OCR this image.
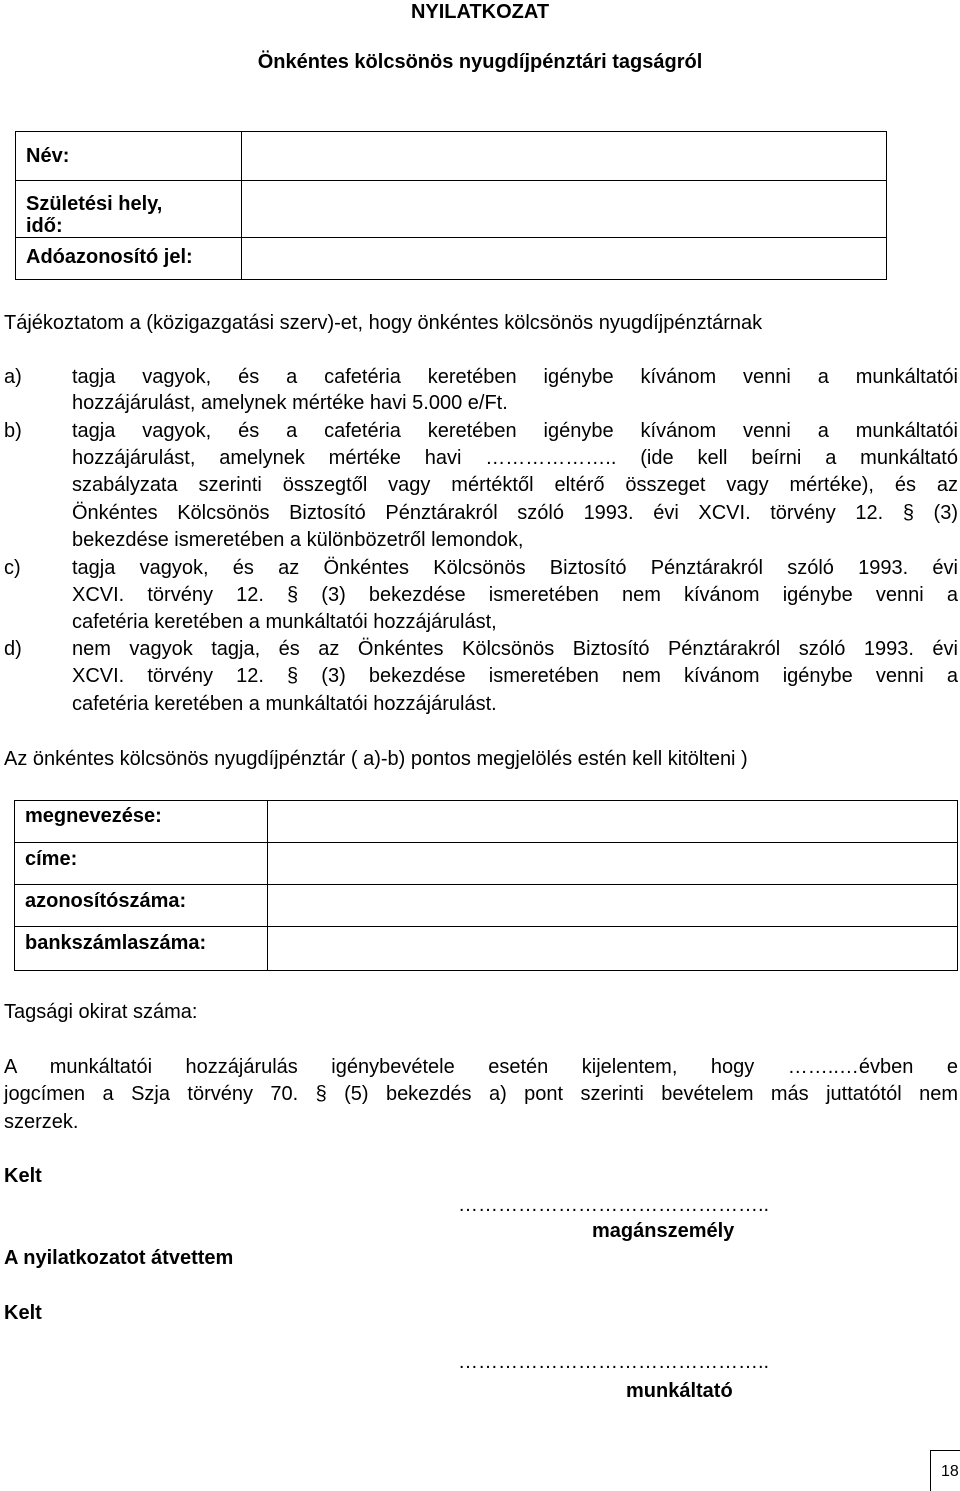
NYILATKOZAT
Önkéntes kölcsönös nyugdíjpénztári tagságról
Név:	

Születési hely,
idő:	

Adóazonosító jel:	

Tájékoztatom a (közigazgatási szerv)-et, hogy önkéntes kölcsönös nyugdíjpénztárnak
a)	tagja vagyok, és a cafetéria keretében igénybe kívánom venni a munkáltatói
hozzájárulást, amelynek mértéke havi 5.000 e/Ft.
b)	tagja vagyok, és a cafetéria keretében igénybe kívánom venni a munkáltatói
hozzájárulást, amelynek mértéke havi ……………….. (ide kell beírni a munkáltató
szabályzata szerinti összegtől vagy mértéktől eltérő összeget vagy mértéke), és az
Önkéntes Kölcsönös Biztosító Pénztárakról szóló 1993. évi XCVI. törvény 12. § (3)
bekezdése ismeretében a különbözetről lemondok,
c)	tagja vagyok, és az Önkéntes Kölcsönös Biztosító Pénztárakról szóló 1993. évi
XCVI. törvény 12. § (3) bekezdése ismeretében nem kívánom igénybe venni a
cafetéria keretében a munkáltatói hozzájárulást,
d)	nem vagyok tagja, és az Önkéntes Kölcsönös Biztosító Pénztárakról szóló 1993. évi
XCVI. törvény 12. § (3) bekezdése ismeretében nem kívánom igénybe venni a
cafetéria keretében a munkáltatói hozzájárulást.
Az önkéntes kölcsönös nyugdíjpénztár ( a)-b) pontos megjelölés estén kell kitölteni )
megnevezése:	

címe:	

azonosítószáma:	

bankszámlaszáma:	

Tagsági okirat száma:
A munkáltatói hozzájárulás igénybevétele esetén kijelentem, hogy ……..…évben e
jogcímen a Szja törvény 70. § (5) bekezdés a) pont szerinti bevételem más juttatótól nem
szerzek.
Kelt
………………………………………..
magánszemély
A nyilatkozatot átvettem
Kelt
………………………………………..
munkáltató
18
